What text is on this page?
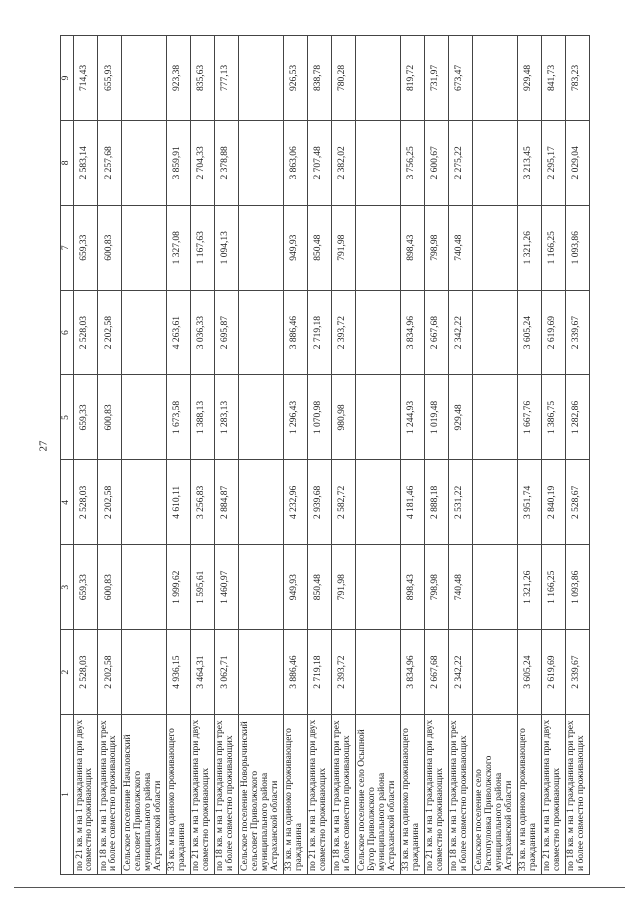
27
1	2	3	4	5	6	7	8	9
по 21 кв. м на 1 гражданина при двух совместно проживающих	2 528,03	659,33	2 528,03	659,33	2 528,03	659,33	2 583,14	714,43
по 18 кв. м на 1 гражданина при трех и более совместно проживающих	2 202,58	600,83	2 202,58	600,83	2 202,58	600,83	2 257,68	655,93
Сельское поселение Началовский сельсовет Приволжского муниципального района Астраханской области								
33 кв. м на одиноко проживающего гражданина	4 936,15	1 999,62	4 610,11	1 673,58	4 263,61	1 327,08	3 859,91	923,38
по 21 кв. м на 1 гражданина при двух совместно проживающих	3 464,31	1 595,61	3 256,83	1 388,13	3 036,33	1 167,63	2 704,33	835,63
по 18 кв. м на 1 гражданина при трех и более совместно проживающих	3 062,71	1 460,97	2 884,87	1 283,13	2 695,87	1 094,13	2 378,88	777,13
Сельское поселение Новорычинский сельсовет Приволжского муниципального района Астраханской области								
33 кв. м на одиноко проживающего гражданина	3 886,46	949,93	4 232,96	1 296,43	3 886,46	949,93	3 863,06	926,53
по 21 кв. м на 1 гражданина при двух совместно проживающих	2 719,18	850,48	2 939,68	1 070,98	2 719,18	850,48	2 707,48	838,78
по 18 кв. м на 1 гражданина при трех и более совместно проживающих	2 393,72	791,98	2 582,72	980,98	2 393,72	791,98	2 382,02	780,28
Сельское поселение село Осыпной Бугор Приволжского муниципального района Астраханской области								
33 кв. м на одиноко проживающего гражданина	3 834,96	898,43	4 181,46	1 244,93	3 834,96	898,43	3 756,25	819,72
по 21 кв. м на 1 гражданина при двух совместно проживающих	2 667,68	798,98	2 888,18	1 019,48	2 667,68	798,98	2 600,67	731,97
по 18 кв. м на 1 гражданина при трех и более совместно проживающих	2 342,22	740,48	2 531,22	929,48	2 342,22	740,48	2 275,22	673,47
Сельское поселение село Растопуловка Приволжского муниципального района Астраханской области								
33 кв. м на одиноко проживающего гражданина	3 605,24	1 321,26	3 951,74	1 667,76	3 605,24	1 321,26	3 213,45	929,48
по 21 кв. м на 1 гражданина при двух совместно проживающих	2 619,69	1 166,25	2 840,19	1 386,75	2 619,69	1 166,25	2 295,17	841,73
по 18 кв. м на 1 гражданина при трех и более совместно проживающих	2 339,67	1 093,86	2 528,67	1 282,86	2 339,67	1 093,86	2 029,04	783,23
